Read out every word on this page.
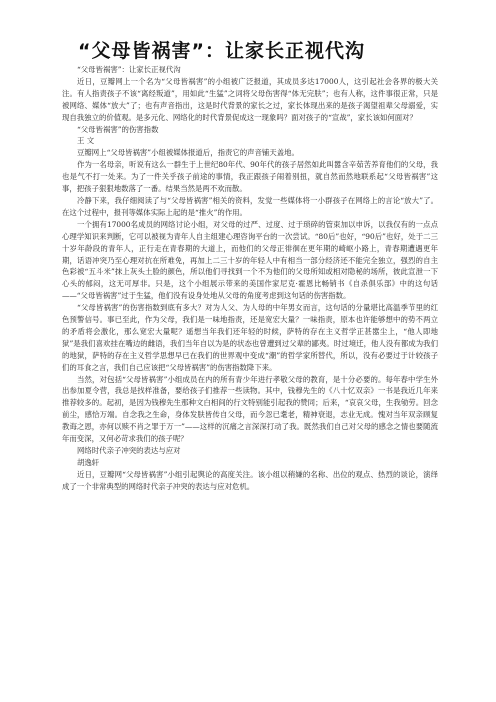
“父母皆祸害”：让家长正视代沟

“父母皆祸害”：让家长正视代沟

近日，豆瓣网上一个名为“父母皆祸害”的小组被广泛报道，其成员多达17000人，这引起社会各界的极大关注。有人指责孩子不该“离经叛道”，用如此“生猛”之词将父母伤害得“体无完肤”；也有人称，这件事很正常，只是被网络、媒体“放大”了；也有声音指出，这是时代背景的家长之过，家长体现出来的是孩子渴望祖辈父母溺爱，实现自我独立的价值观。是多元化、网络化的时代背景促成这一现象吗？面对孩子的“宣战”，家长该如何面对？

“父母皆祸害”的伤害指数

王 文

豆瓣网上“父母皆祸害”小组被媒体报道后，指责它的声音铺天盖地。

作为一名母亲，听说有这么一群生于上世纪80年代、90年代的孩子居然如此叫嚣含辛茹苦养育他们的父母，我也是气不打一处来。为了一件关乎孩子前途的事情，我正跟孩子闹着别扭，就自然而然地联系起“父母皆祸害”这事，把孩子狠狠地数落了一番。结果当然是两不欢而散。

冷静下来，我仔细阅读了与“父母皆祸害”相关的资料，发觉一些媒体将一小群孩子在网络上的言论“放大”了。在这个过程中，报刊等媒体实际上起的是“推火”的作用。

一个拥有17000名成员的网络讨论小组，对父母的过严、过度、过于琐碎的管束加以申诉，以我仅有的一点点心理学知识来判断，它可以被视为青年人自主组建心理咨询平台的一次尝试。“80后”也好，“90后”也好，处于二三十岁年龄段的青年人，正行走在青春期的大道上，而他们的父母正徘徊在更年期的崎岖小路上，青春期遭遇更年期，话语冲突乃至心理对抗在所难免，再加上二三十岁的年轻人中有相当一部分经济还不能完全独立，强烈的自主色彩被“五斗米”抹上灰头土脸的颜色，所以他们寻找到一个不为他们的父母所知或相对隐秘的场所，彼此宣泄一下心头的郁闷，这无可厚非。只是，这个小组展示带来的美国作家尼克·霍恩比畅销书《自杀俱乐部》中的这句话——“父母皆祸害”过于生猛，他们没有设身处地从父母的角度考虑到这句话的伤害指数。

“父母皆祸害”的伤害指数到底有多大？对为人父、为人母的中年男女而言，这句话的分量堪比高温季节里的红色预警信号。事已至此，作为父母，我们是一味地指责，还是宽宏大量？一味指责，原本也许能够想中的势不两立的矛盾将会激化，那么宽宏大量呢？遥想当年我们还年轻的时候，萨特的存在主义哲学正甚嚣尘上，“他人即地狱”是我们喜欢挂在嘴边的雌语，我们当年自以为是的状态也曾遭到过父辈的鄙夷。时过境迁，他人没有都成为我们的地狱，萨特的存在主义哲学思想早已在我们的世界观中变成“潮”的哲学家所替代，所以，没有必要过于计较孩子们的耳食之言，我们自己应该把“父母皆祸害”的伤害指数降下来。

当然，对包括“父母皆祸害”小组成员在内的所有青少年进行孝敬父母的教育，是十分必要的。每年春中学生外出参加夏令营，我总是找样准备，要给孩子们推荐一些读物。其中，钱穆先生的《八十忆双亲》一书是我近几年来推荐较多的。起初，是因为钱穆先生那种文白相间的行文特别能引起我的赞同；后来，“哀哀父母，生我劬劳。回念前尘，感恰万端。自念我之生命，身体发肤皆传自父母，而今忽已耄老，精神衰退，志业无成。愧对当年双亲顾复教诲之恩，亦何以赎不肖之罪于万一”——这样的沉痛之言深深打动了我。既然我们自己对父母的感念之情也要随流年而变深，又何必苛求我们的孩子呢？

网络时代亲子冲突的表达与应对

胡逸轩

近日，豆瓣网“父母皆祸害”小组引起舆论的高度关注。该小组以稍嫌的名称、出位的观点、热烈的谈论，演绎成了一个非常典型的网络时代亲子冲突的表达与应对危机。
